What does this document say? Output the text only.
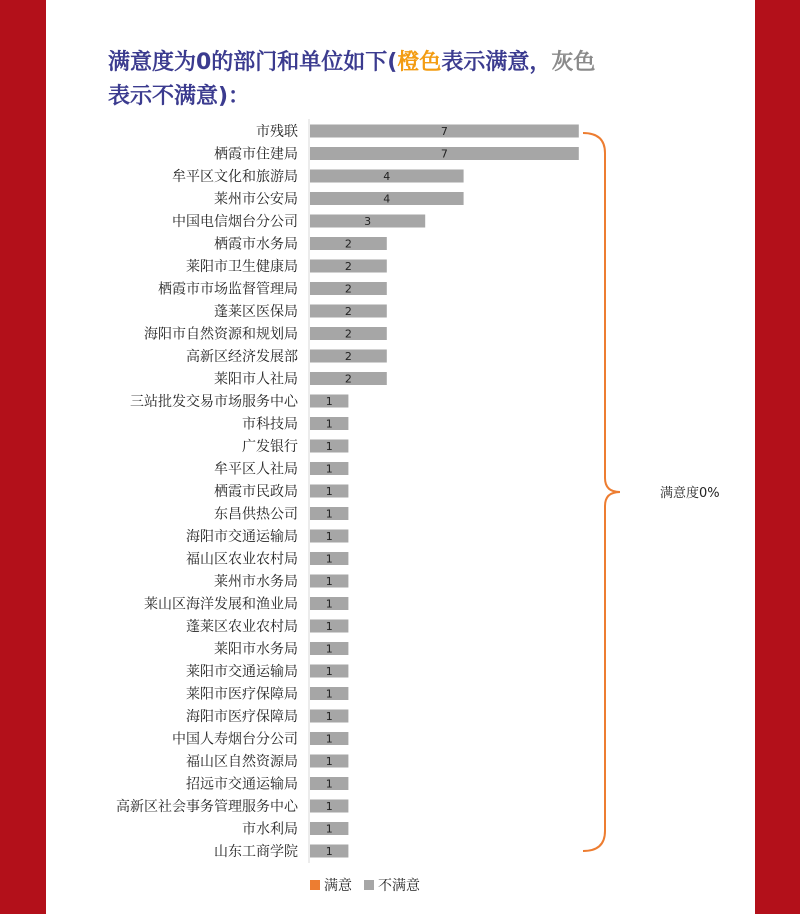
满意度为0的部门和单位如下(橙色表示满意，灰色
表示不满意)：
市残联	7
栖霞市住建局	7
牟平区文化和旅游局	4
莱州市公安局	4
中国电信烟台分公司	3
栖霞市水务局	2
莱阳市卫生健康局	2
栖霞市市场监督管理局	2
蓬莱区医保局	2
海阳市自然资源和规划局	2
高新区经济发展部	2
莱阳市人社局	2
三站批发交易市场服务中心	1
市科技局	1
广发银行	1
牟平区人社局	1
栖霞市民政局	1
东昌供热公司	1
海阳市交通运输局	1
福山区农业农村局	1
莱州市水务局	1
莱山区海洋发展和渔业局	1
蓬莱区农业农村局	1
莱阳市水务局	1
莱阳市交通运输局	1
莱阳市医疗保障局	1
海阳市医疗保障局	1
中国人寿烟台分公司	1
福山区自然资源局	1
招远市交通运输局	1
高新区社会事务管理服务中心	1
市水利局	1
山东工商学院	1
满意度0%
满意 不满意
